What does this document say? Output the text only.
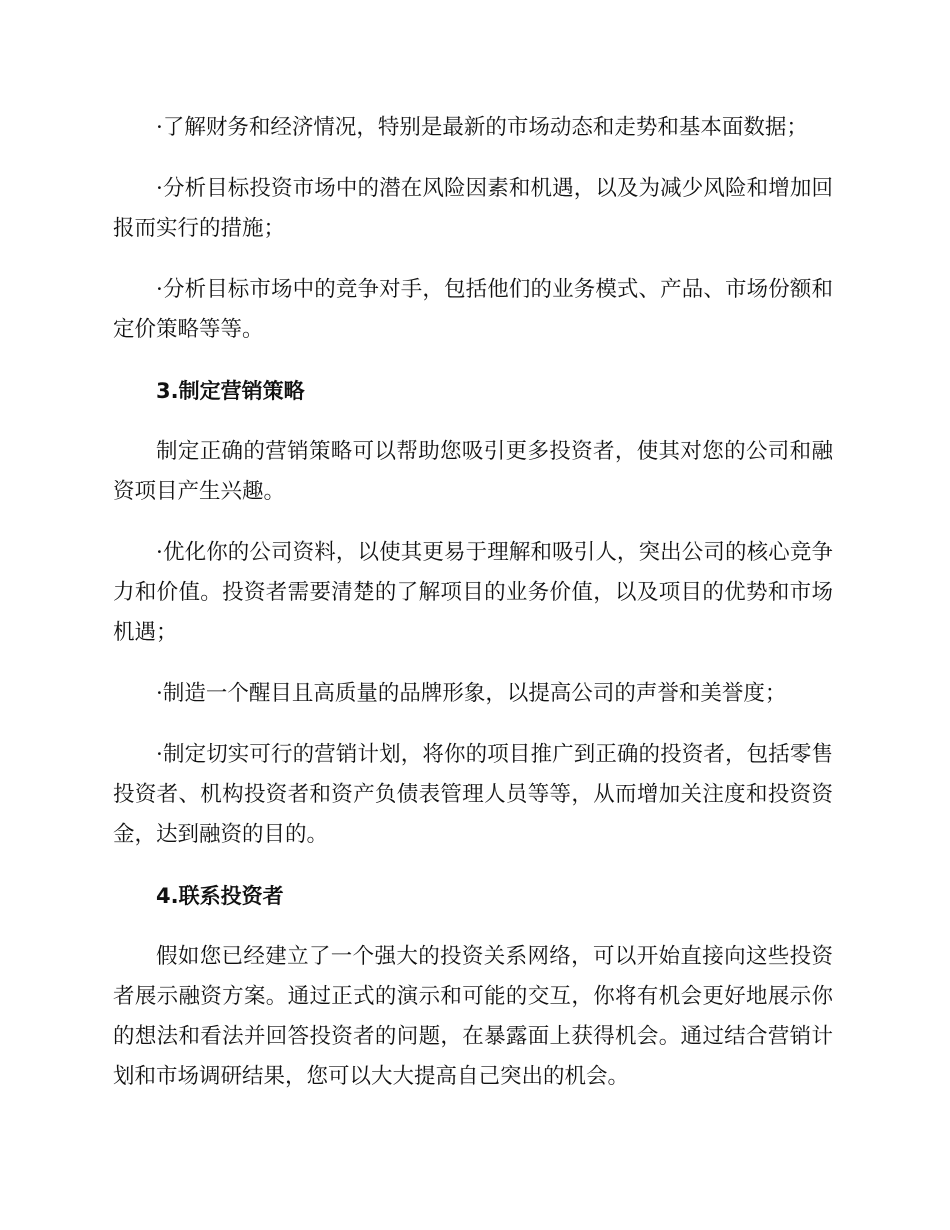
·了解财务和经济情况，特别是最新的市场动态和走势和基本面数据；

·分析目标投资市场中的潜在风险因素和机遇，以及为减少风险和增加回报而实行的措施；

·分析目标市场中的竞争对手，包括他们的业务模式、产品、市场份额和定价策略等等。

3.制定营销策略

制定正确的营销策略可以帮助您吸引更多投资者，使其对您的公司和融资项目产生兴趣。

·优化你的公司资料，以使其更易于理解和吸引人，突出公司的核心竞争力和价值。投资者需要清楚的了解项目的业务价值，以及项目的优势和市场机遇；

·制造一个醒目且高质量的品牌形象，以提高公司的声誉和美誉度；

·制定切实可行的营销计划，将你的项目推广到正确的投资者，包括零售投资者、机构投资者和资产负债表管理人员等等，从而增加关注度和投资资金，达到融资的目的。

4.联系投资者

假如您已经建立了一个强大的投资关系网络，可以开始直接向这些投资者展示融资方案。通过正式的演示和可能的交互，你将有机会更好地展示你的想法和看法并回答投资者的问题，在暴露面上获得机会。通过结合营销计划和市场调研结果，您可以大大提高自己突出的机会。
